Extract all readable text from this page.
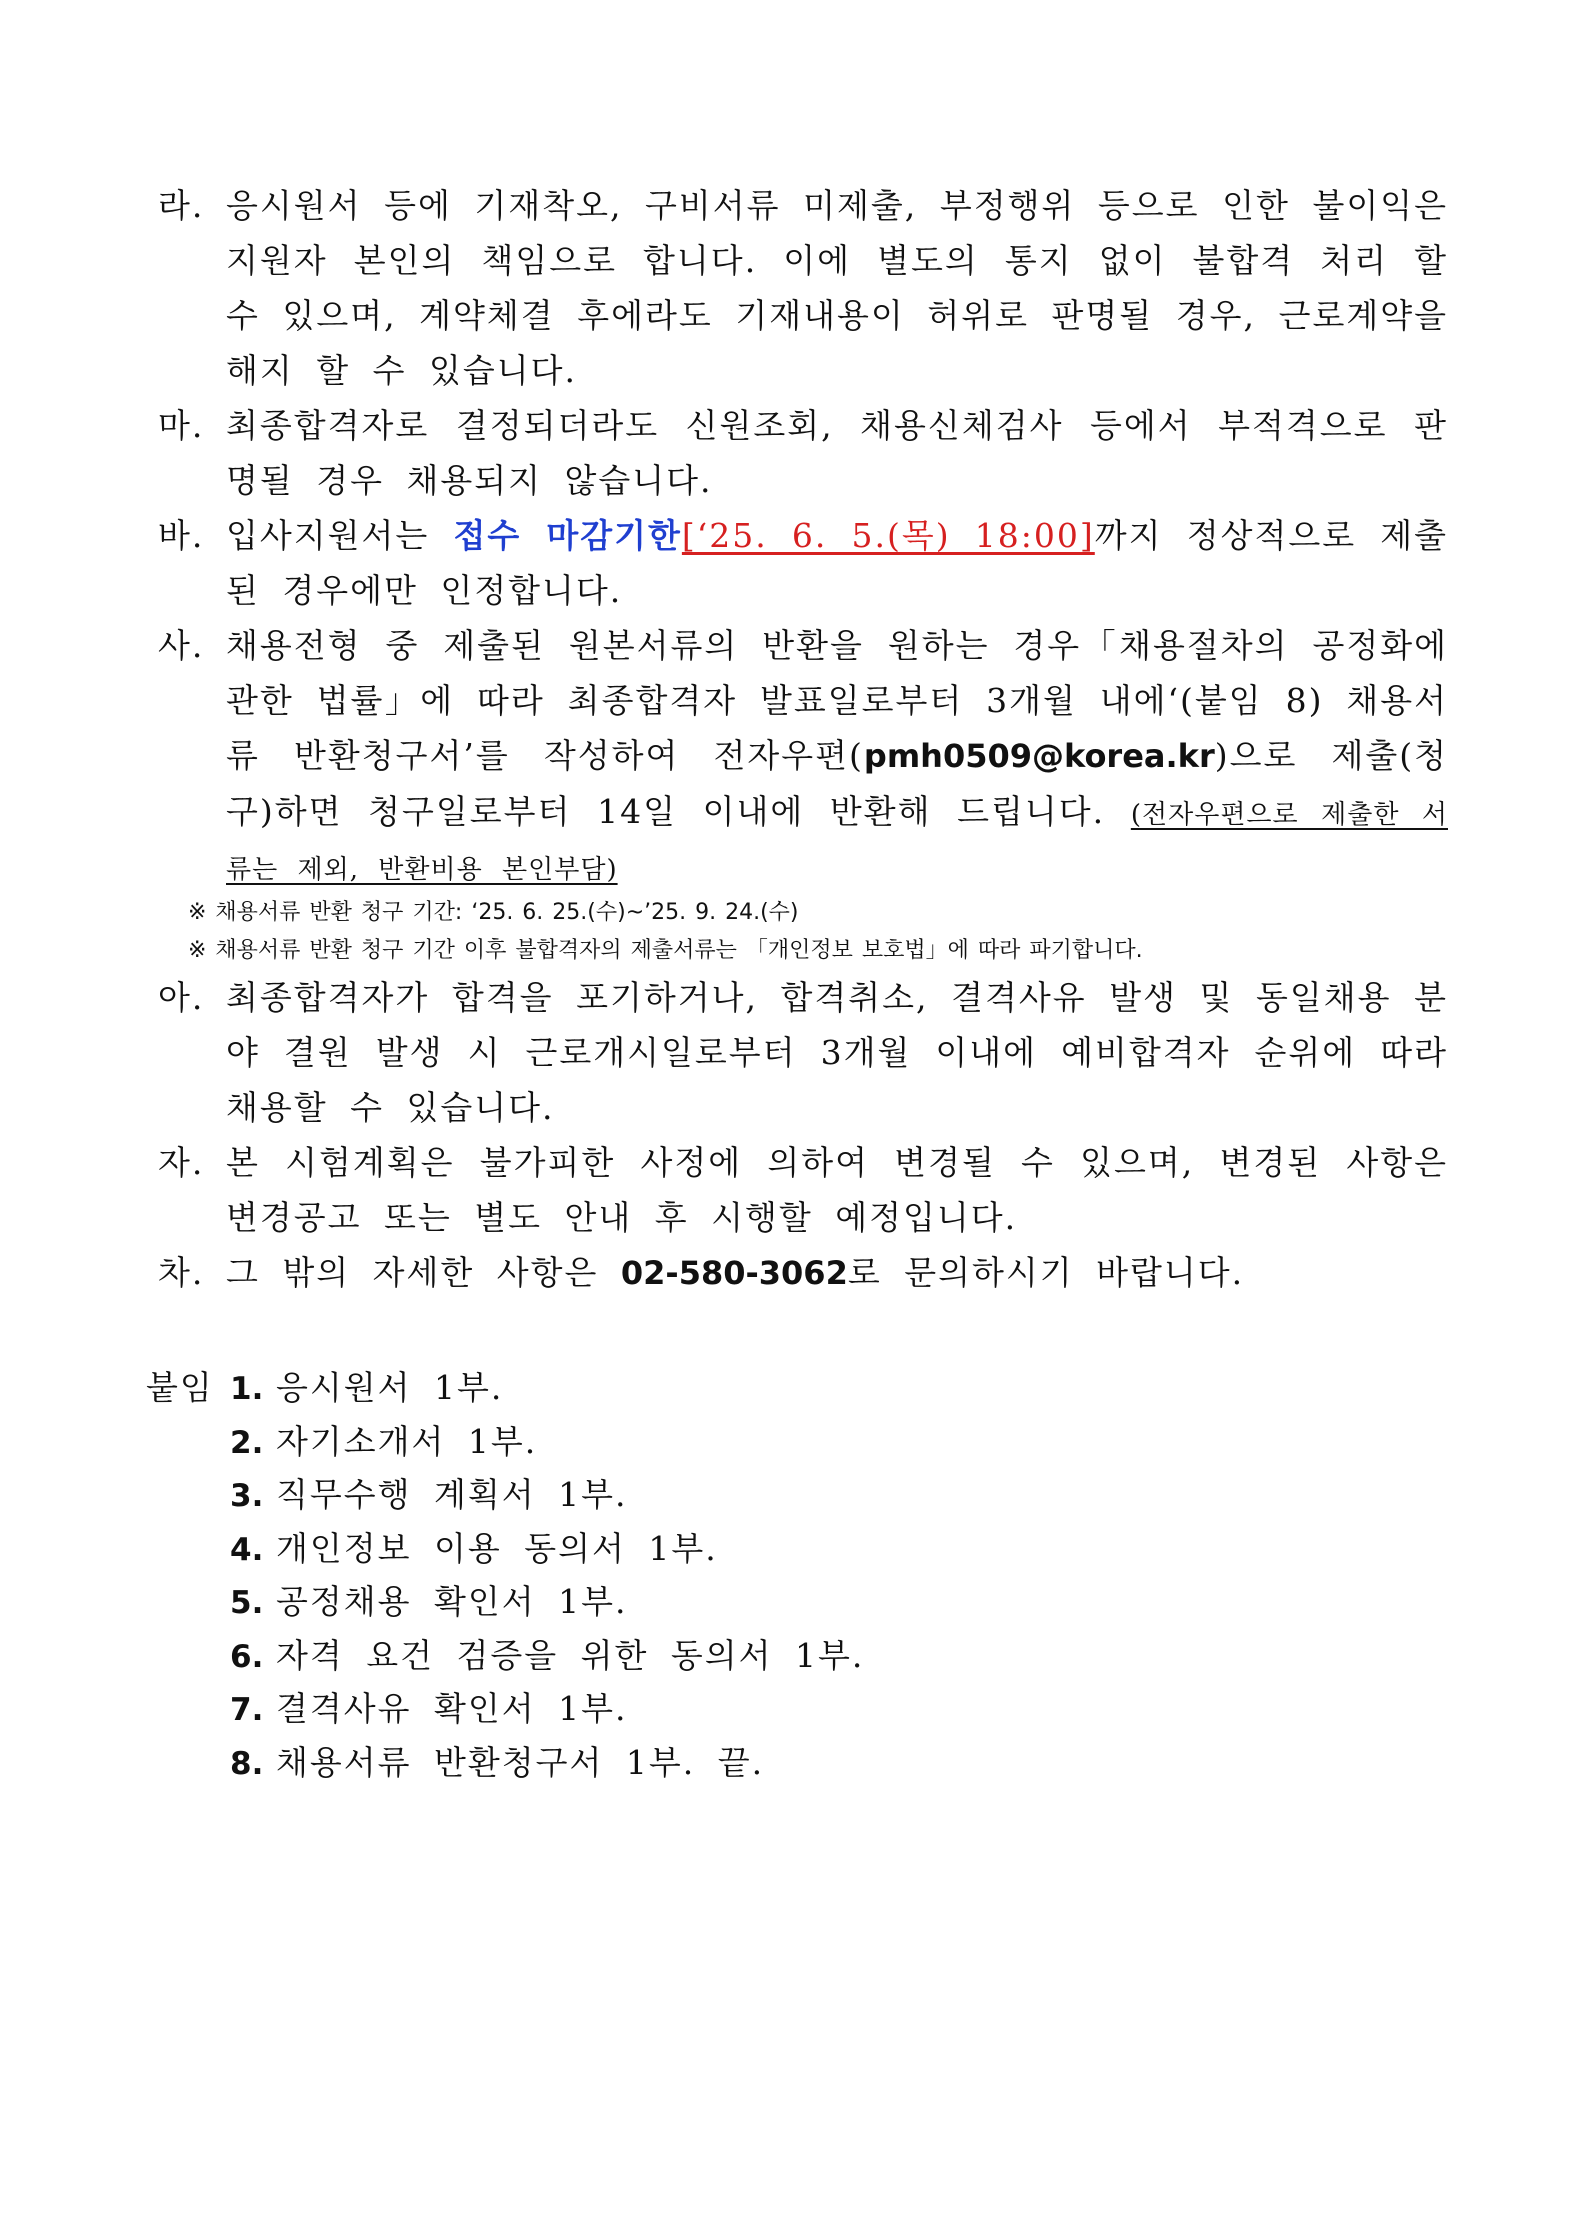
라. 응시원서 등에 기재착오, 구비서류 미제출, 부정행위 등으로 인한 불이익은 지원자 본인의 책임으로 합니다. 이에 별도의 통지 없이 불합격 처리 할 수 있으며, 계약체결 후에라도 기재내용이 허위로 판명될 경우, 근로계약을 해지 할 수 있습니다.
마. 최종합격자로 결정되더라도 신원조회, 채용신체검사 등에서 부적격으로 판명될 경우 채용되지 않습니다.
바. 입사지원서는 접수 마감기한[‘25. 6. 5.(목) 18:00]까지 정상적으로 제출된 경우에만 인정합니다.
사. 채용전형 중 제출된 원본서류의 반환을 원하는 경우「채용절차의 공정화에 관한 법률」에 따라 최종합격자 발표일로부터 3개월 내에‘(붙임 8) 채용서류 반환청구서’를 작성하여 전자우편(pmh0509@korea.kr)으로 제출(청구)하면 청구일로부터 14일 이내에 반환해 드립니다. (전자우편으로 제출한 서류는 제외, 반환비용 본인부담)
※ 채용서류 반환 청구 기간: ‘25. 6. 25.(수)~’25. 9. 24.(수)
※ 채용서류 반환 청구 기간 이후 불합격자의 제출서류는 「개인정보 보호법」에 따라 파기합니다.
아. 최종합격자가 합격을 포기하거나, 합격취소, 결격사유 발생 및 동일채용 분야 결원 발생 시 근로개시일로부터 3개월 이내에 예비합격자 순위에 따라 채용할 수 있습니다.
자. 본 시험계획은 불가피한 사정에 의하여 변경될 수 있으며, 변경된 사항은 변경공고 또는 별도 안내 후 시행할 예정입니다.
차. 그 밖의 자세한 사항은 02-580-3062로 문의하시기 바랍니다.
붙임 1. 응시원서 1부.
2. 자기소개서 1부.
3. 직무수행 계획서 1부.
4. 개인정보 이용 동의서 1부.
5. 공정채용 확인서 1부.
6. 자격 요건 검증을 위한 동의서 1부.
7. 결격사유 확인서 1부.
8. 채용서류 반환청구서 1부. 끝.
